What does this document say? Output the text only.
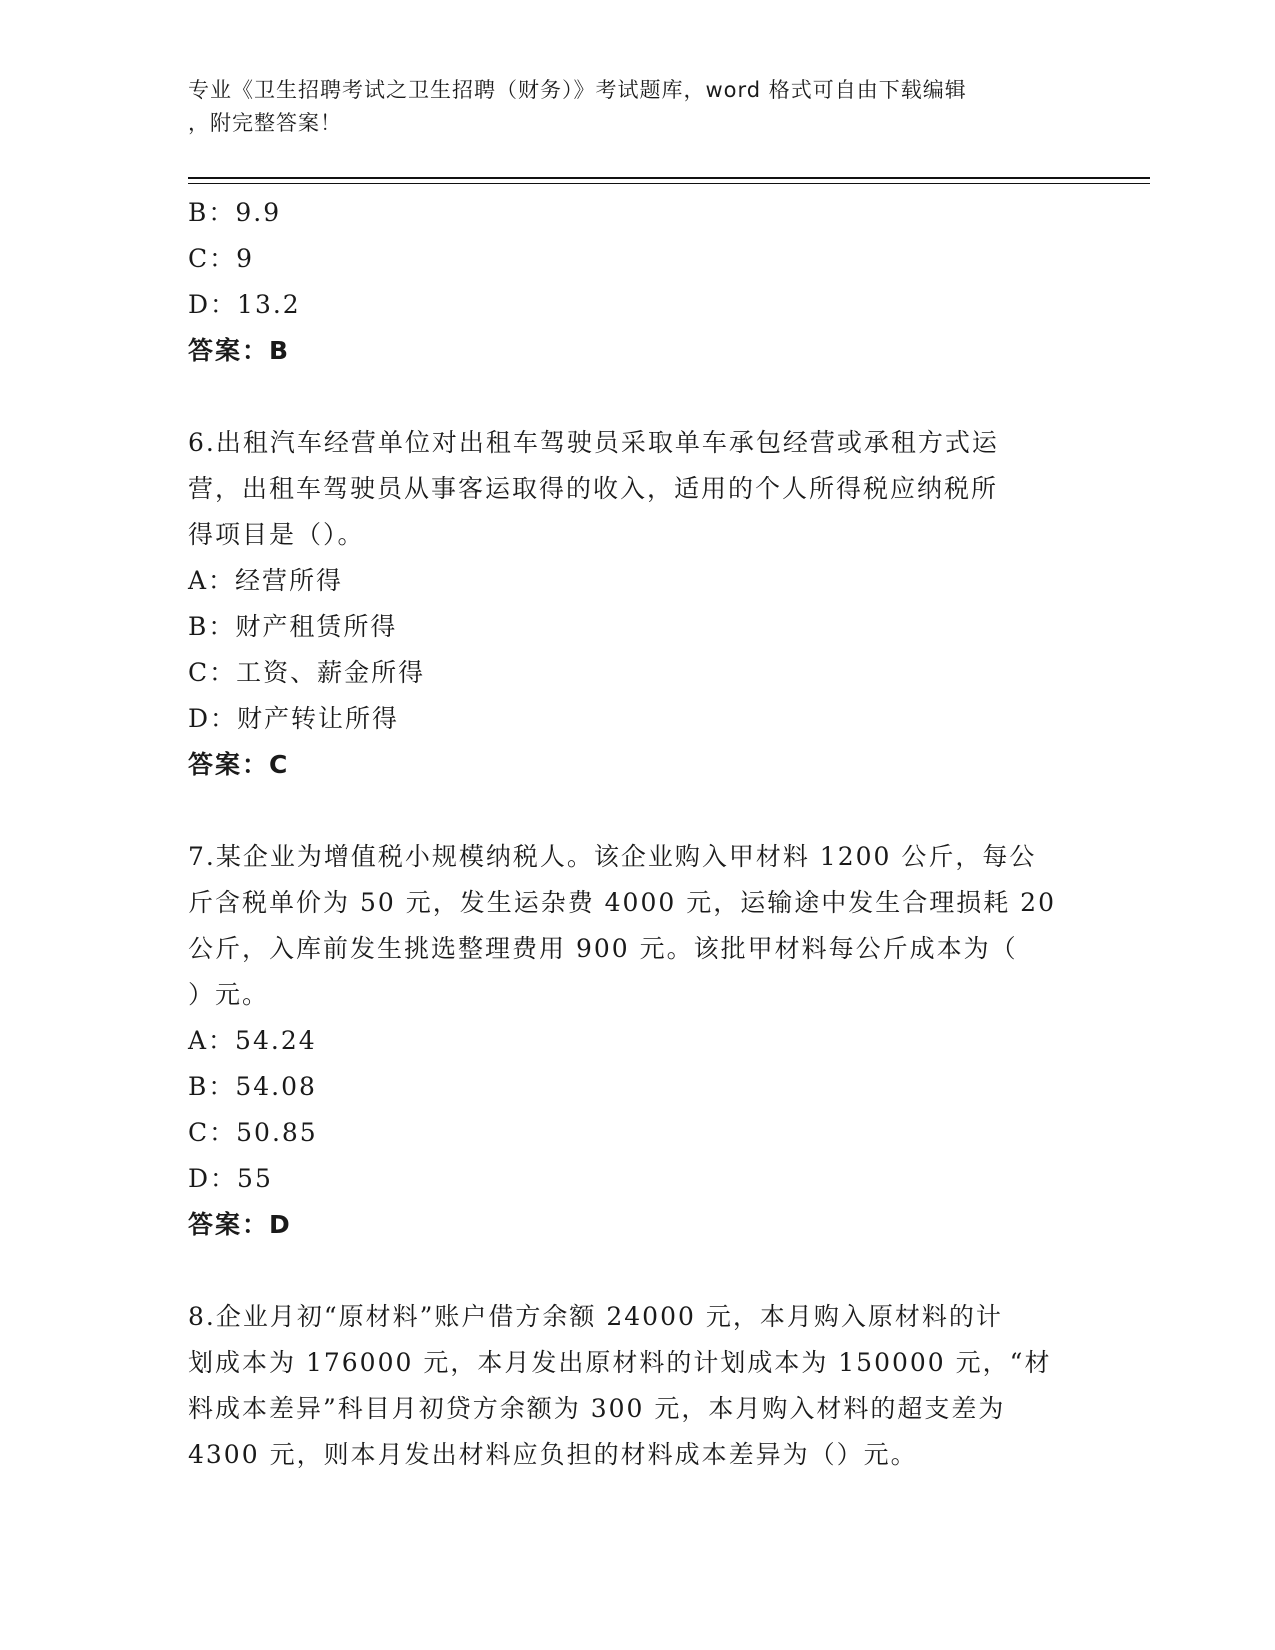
专业《卫生招聘考试之卫生招聘（财务）》考试题库，word 格式可自由下载编辑
，附完整答案！
B：9.9
C：9
D：13.2
答案：B
6.出租汽车经营单位对出租车驾驶员采取单车承包经营或承租方式运
营，出租车驾驶员从事客运取得的收入，适用的个人所得税应纳税所
得项目是（）。
A：经营所得
B：财产租赁所得
C：工资、薪金所得
D：财产转让所得
答案：C
7.某企业为增值税小规模纳税人。该企业购入甲材料 1200 公斤，每公
斤含税单价为 50 元，发生运杂费 4000 元，运输途中发生合理损耗 20
公斤，入库前发生挑选整理费用 900 元。该批甲材料每公斤成本为（
）元。
A：54.24
B：54.08
C：50.85
D：55
答案：D
8.企业月初“原材料”账户借方余额 24000 元，本月购入原材料的计
划成本为 176000 元，本月发出原材料的计划成本为 150000 元，“材
料成本差异”科目月初贷方余额为 300 元，本月购入材料的超支差为
4300 元，则本月发出材料应负担的材料成本差异为（）元。
